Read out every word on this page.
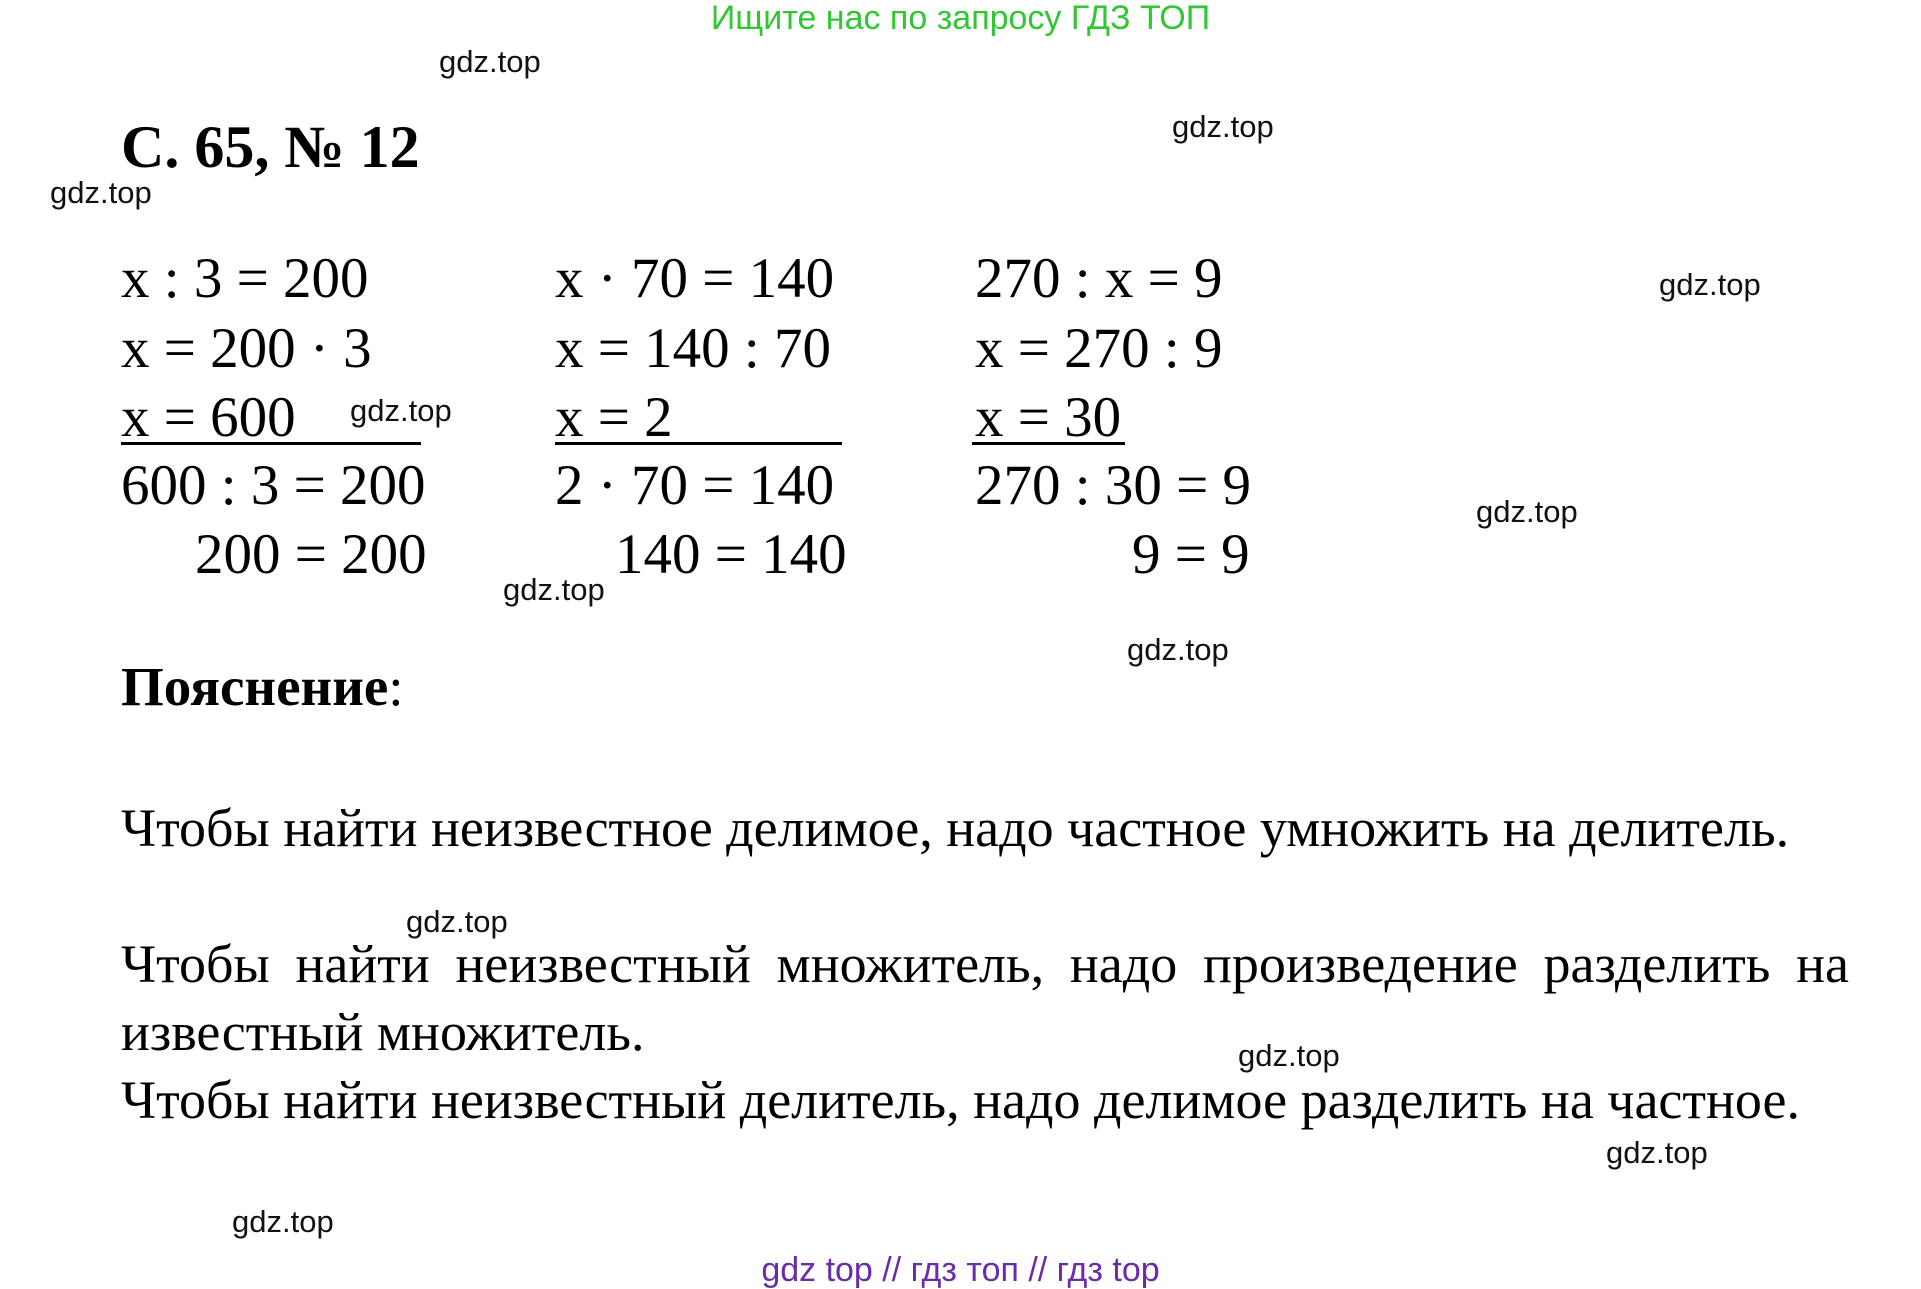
Ищите нас по запросу ГДЗ ТОП
С. 65, № 12
x : 3 = 200
x = 200 · 3
x = 600
600 : 3 = 200
200 = 200
x · 70 = 140
x = 140 : 70
x = 2
2 · 70 = 140
140 = 140
270 : x = 9
x = 270 : 9
x = 30
270 : 30 = 9
9 = 9
Пояснение:
Чтобы найти неизвестное делимое, надо частное умножить на делитель.
Чтобы найти неизвестный множитель, надо произведение разделить на известный множитель.
Чтобы найти неизвестный делитель, надо делимое разделить на частное.
gdz.top
gdz.top
gdz.top
gdz.top
gdz.top
gdz.top
gdz.top
gdz.top
gdz.top
gdz.top
gdz.top
gdz.top
gdz top // гдз топ // гдз top
